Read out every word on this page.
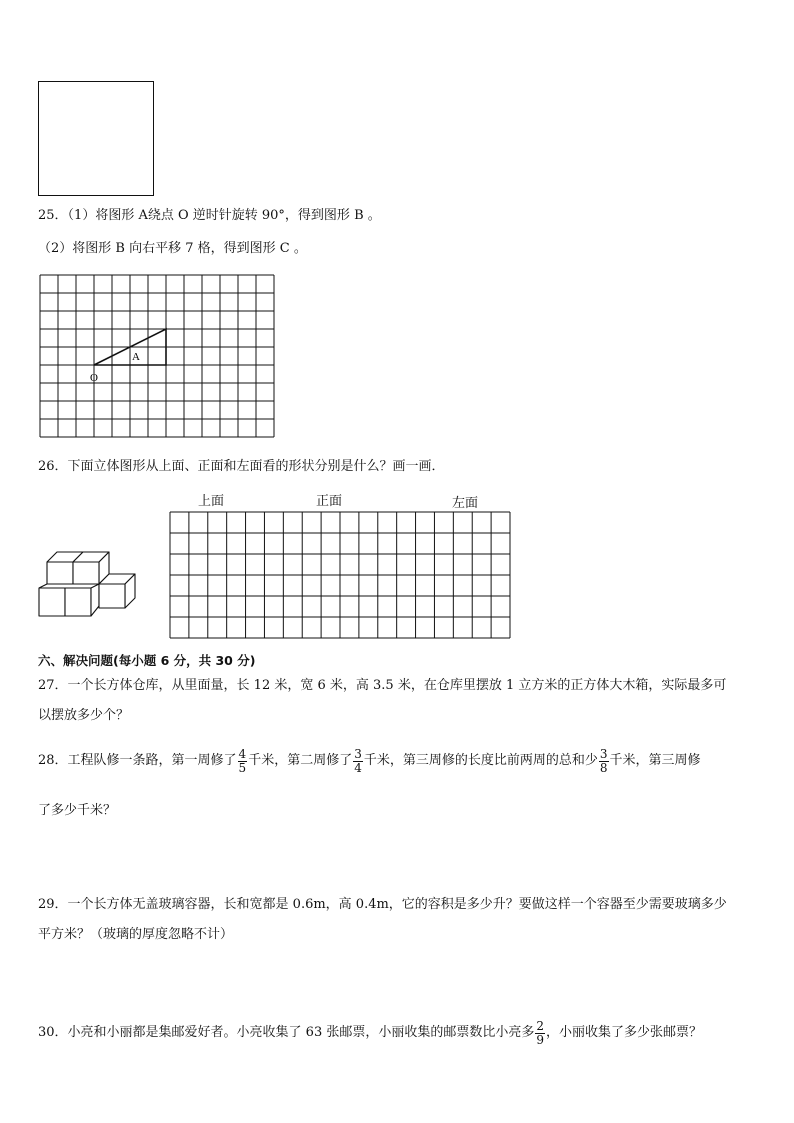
25．（1）将图形 A绕点 O 逆时针旋转 90°，得到图形 B 。
（2）将图形 B 向右平移 7 格，得到图形 C 。
A
O
26．下面立体图形从上面、正面和左面看的形状分别是什么？画一画．
上面	正面	左面
六、解决问题(每小题 6 分，共 30 分)
27．一个长方体仓库，从里面量，长 12 米，宽 6 米，高 3.5 米，在仓库里摆放 1 立方米的正方体大木箱，实际最多可
以摆放多少个？
28．工程队修一条路，第一周修了 $\frac{4}{5}$ 千米，第二周修了 $\frac{3}{4}$ 千米，第三周修的长度比前两周的总和少 $\frac{3}{8}$ 千米，第三周修
了多少千米？
29．一个长方体无盖玻璃容器，长和宽都是 0.6m，高 0.4m，它的容积是多少升？要做这样一个容器至少需要玻璃多少
平方米？（玻璃的厚度忽略不计）
30．小亮和小丽都是集邮爱好者。小亮收集了 63 张邮票，小丽收集的邮票数比小亮多 $\frac{2}{9}$ ，小丽收集了多少张邮票？
